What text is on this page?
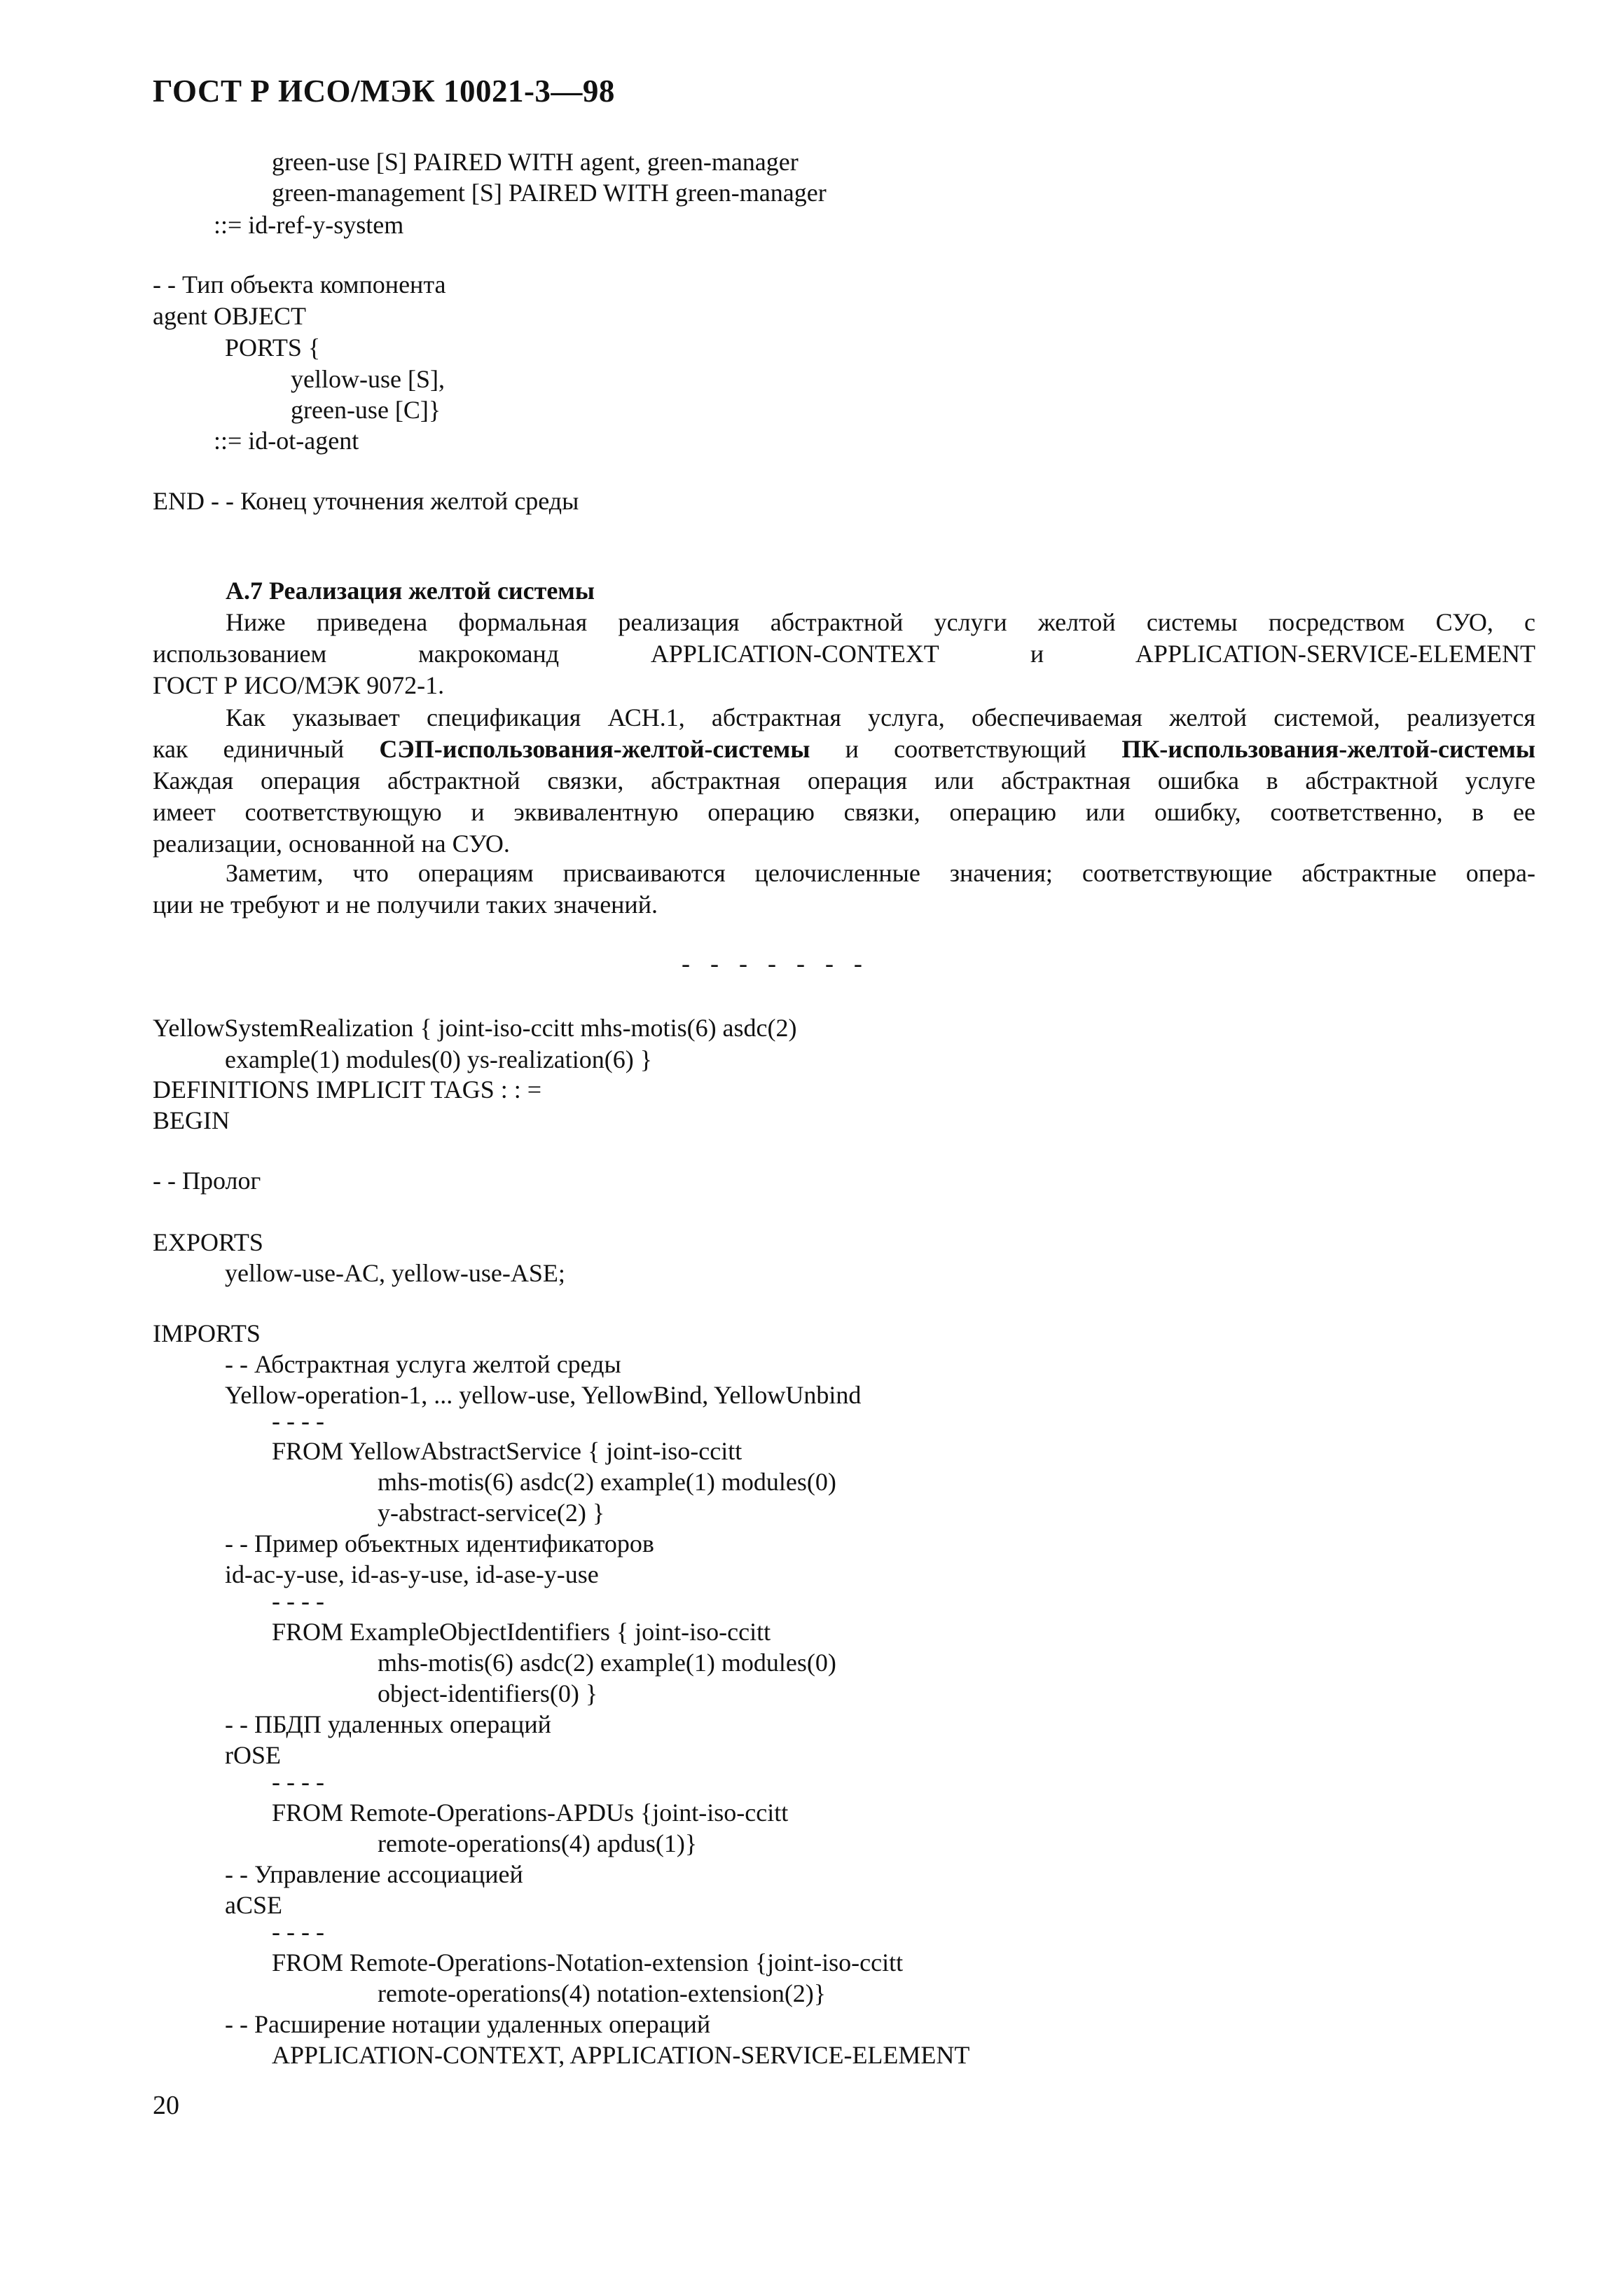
ГОСТ Р ИСО/МЭК 10021-3—98
green-use [S] PAIRED WITH agent, green-manager
green-management [S] PAIRED WITH green-manager
::= id-ref-y-system
- - Тип объекта компонента
agent OBJECT
PORTS {
yellow-use [S],
green-use [C]}
::= id-ot-agent
END - - Конец уточнения желтой среды
А.7 Реализация желтой системы
Ниже приведена формальная реализация абстрактной услуги желтой системы посредством СУО, с
использованием макрокоманд APPLICATION-CONTEXT и APPLICATION-SERVICE-ELEMENT
ГОСТ Р ИСО/МЭК 9072-1.
Как указывает спецификация АСН.1, абстрактная услуга, обеспечиваемая желтой системой, реализуется
как единичный СЭП-использования-желтой-системы и соответствующий ПК-использования-желтой-системы
Каждая операция абстрактной связки, абстрактная операция или абстрактная ошибка в абстрактной услуге
имеет соответствующую и эквивалентную операцию связки, операцию или ошибку, соответственно, в ее
реализации, основанной на СУО.
Заметим, что операциям присваиваются целочисленные значения; соответствующие абстрактные опера-
ции не требуют и не получили таких значений.
- - - - - - -
YellowSystemRealization { joint-iso-ccitt mhs-motis(6) asdc(2)
example(1) modules(0) ys-realization(6) }
DEFINITIONS IMPLICIT TAGS : : =
BEGIN
- - Пролог
EXPORTS
yellow-use-AC, yellow-use-ASE;
IMPORTS
- - Абстрактная услуга желтой среды
Yellow-operation-1, ... yellow-use, YellowBind, YellowUnbind
- - - -
FROM YellowAbstractService { joint-iso-ccitt
mhs-motis(6) asdc(2) example(1) modules(0)
y-abstract-service(2) }
- - Пример объектных идентификаторов
id-ac-y-use, id-as-y-use, id-ase-y-use
- - - -
FROM ExampleObjectIdentifiers { joint-iso-ccitt
mhs-motis(6) asdc(2) example(1) modules(0)
object-identifiers(0) }
- - ПБДП удаленных операций
rOSE
- - - -
FROM Remote-Operations-APDUs {joint-iso-ccitt
remote-operations(4) apdus(1)}
- - Управление ассоциацией
aCSE
- - - -
FROM Remote-Operations-Notation-extension {joint-iso-ccitt
remote-operations(4) notation-extension(2)}
- - Расширение нотации удаленных операций
APPLICATION-CONTEXT, APPLICATION-SERVICE-ELEMENT
20
